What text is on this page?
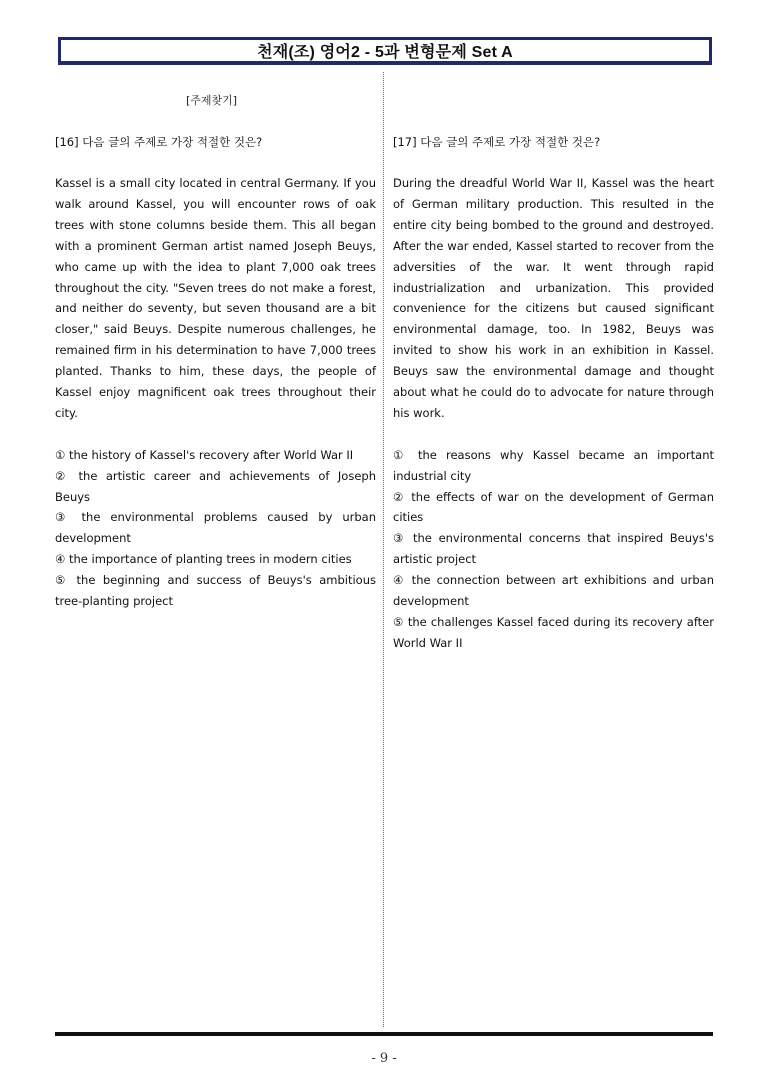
천재(조) 영어2 - 5과 변형문제 Set A
[주제찾기]
[16] 다음 글의 주제로 가장 적절한 것은?
Kassel is a small city located in central Germany. If you walk around Kassel, you will encounter rows of oak trees with stone columns beside them. This all began with a prominent German artist named Joseph Beuys, who came up with the idea to plant 7,000 oak trees throughout the city. "Seven trees do not make a forest, and neither do seventy, but seven thousand are a bit closer," said Beuys. Despite numerous challenges, he remained firm in his determination to have 7,000 trees planted. Thanks to him, these days, the people of Kassel enjoy magnificent oak trees throughout their city.
① the history of Kassel's recovery after World War II
② the artistic career and achievements of Joseph Beuys
③ the environmental problems caused by urban development
④ the importance of planting trees in modern cities
⑤ the beginning and success of Beuys's ambitious tree-planting project
[17] 다음 글의 주제로 가장 적절한 것은?
During the dreadful World War II, Kassel was the heart of German military production. This resulted in the entire city being bombed to the ground and destroyed. After the war ended, Kassel started to recover from the adversities of the war. It went through rapid industrialization and urbanization. This provided convenience for the citizens but caused significant environmental damage, too. In 1982, Beuys was invited to show his work in an exhibition in Kassel. Beuys saw the environmental damage and thought about what he could do to advocate for nature through his work.
① the reasons why Kassel became an important industrial city
② the effects of war on the development of German cities
③ the environmental concerns that inspired Beuys's artistic project
④ the connection between art exhibitions and urban development
⑤ the challenges Kassel faced during its recovery after World War II
- 9 -
